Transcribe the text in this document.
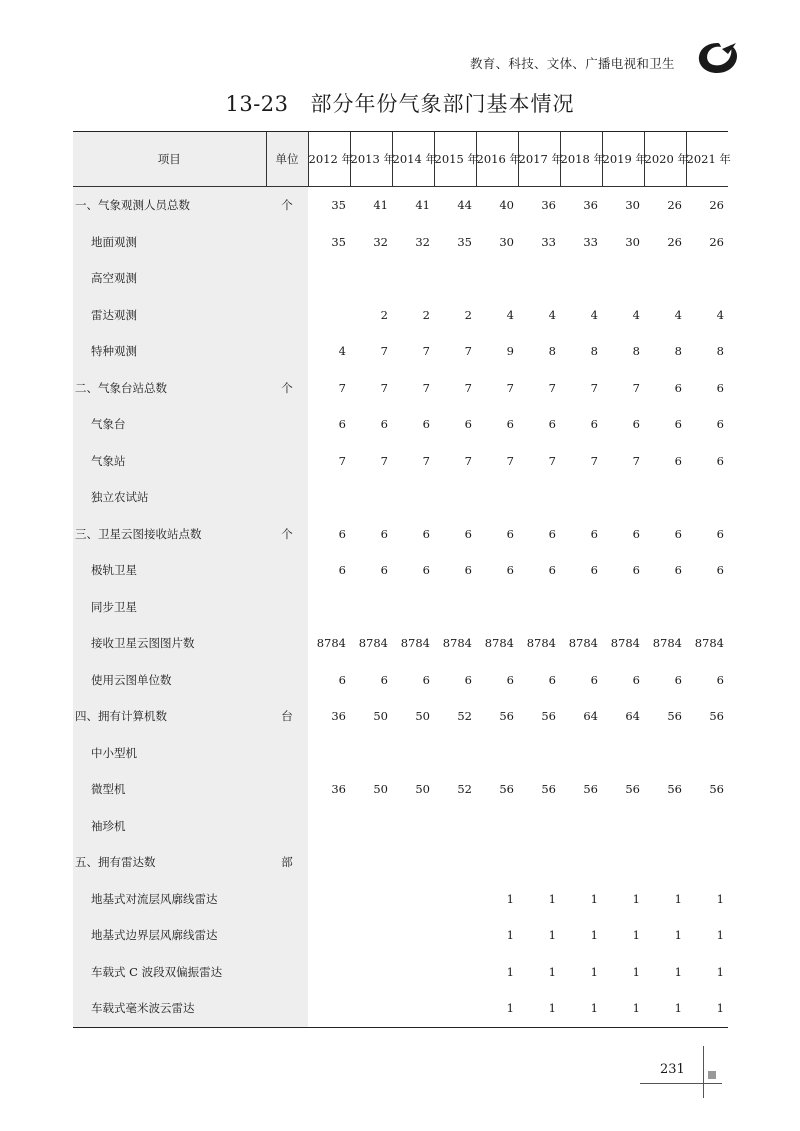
教育、科技、文体、广播电视和卫生
13-23 部分年份气象部门基本情况
项目	单位	2012 年	2013 年	2014 年	2015 年	2016 年	2017 年	2018 年	2019 年	2020 年	2021 年
一、气象观测人员总数	个	35	41	41	44	40	36	36	30	26	26
地面观测		35	32	32	35	30	33	33	30	26	26
高空观测											
雷达观测			2	2	2	4	4	4	4	4	4
特种观测		4	7	7	7	9	8	8	8	8	8
二、气象台站总数	个	7	7	7	7	7	7	7	7	6	6
气象台		6	6	6	6	6	6	6	6	6	6
气象站		7	7	7	7	7	7	7	7	6	6
独立农试站											
三、卫星云图接收站点数	个	6	6	6	6	6	6	6	6	6	6
极轨卫星		6	6	6	6	6	6	6	6	6	6
同步卫星											
接收卫星云图图片数		8784	8784	8784	8784	8784	8784	8784	8784	8784	8784
使用云图单位数		6	6	6	6	6	6	6	6	6	6
四、拥有计算机数	台	36	50	50	52	56	56	64	64	56	56
中小型机											
微型机		36	50	50	52	56	56	56	56	56	56
袖珍机											
五、拥有雷达数	部										
地基式对流层风廓线雷达						1	1	1	1	1	1
地基式边界层风廓线雷达						1	1	1	1	1	1
车载式 C 波段双偏振雷达						1	1	1	1	1	1
车载式毫米波云雷达						1	1	1	1	1	1
231
